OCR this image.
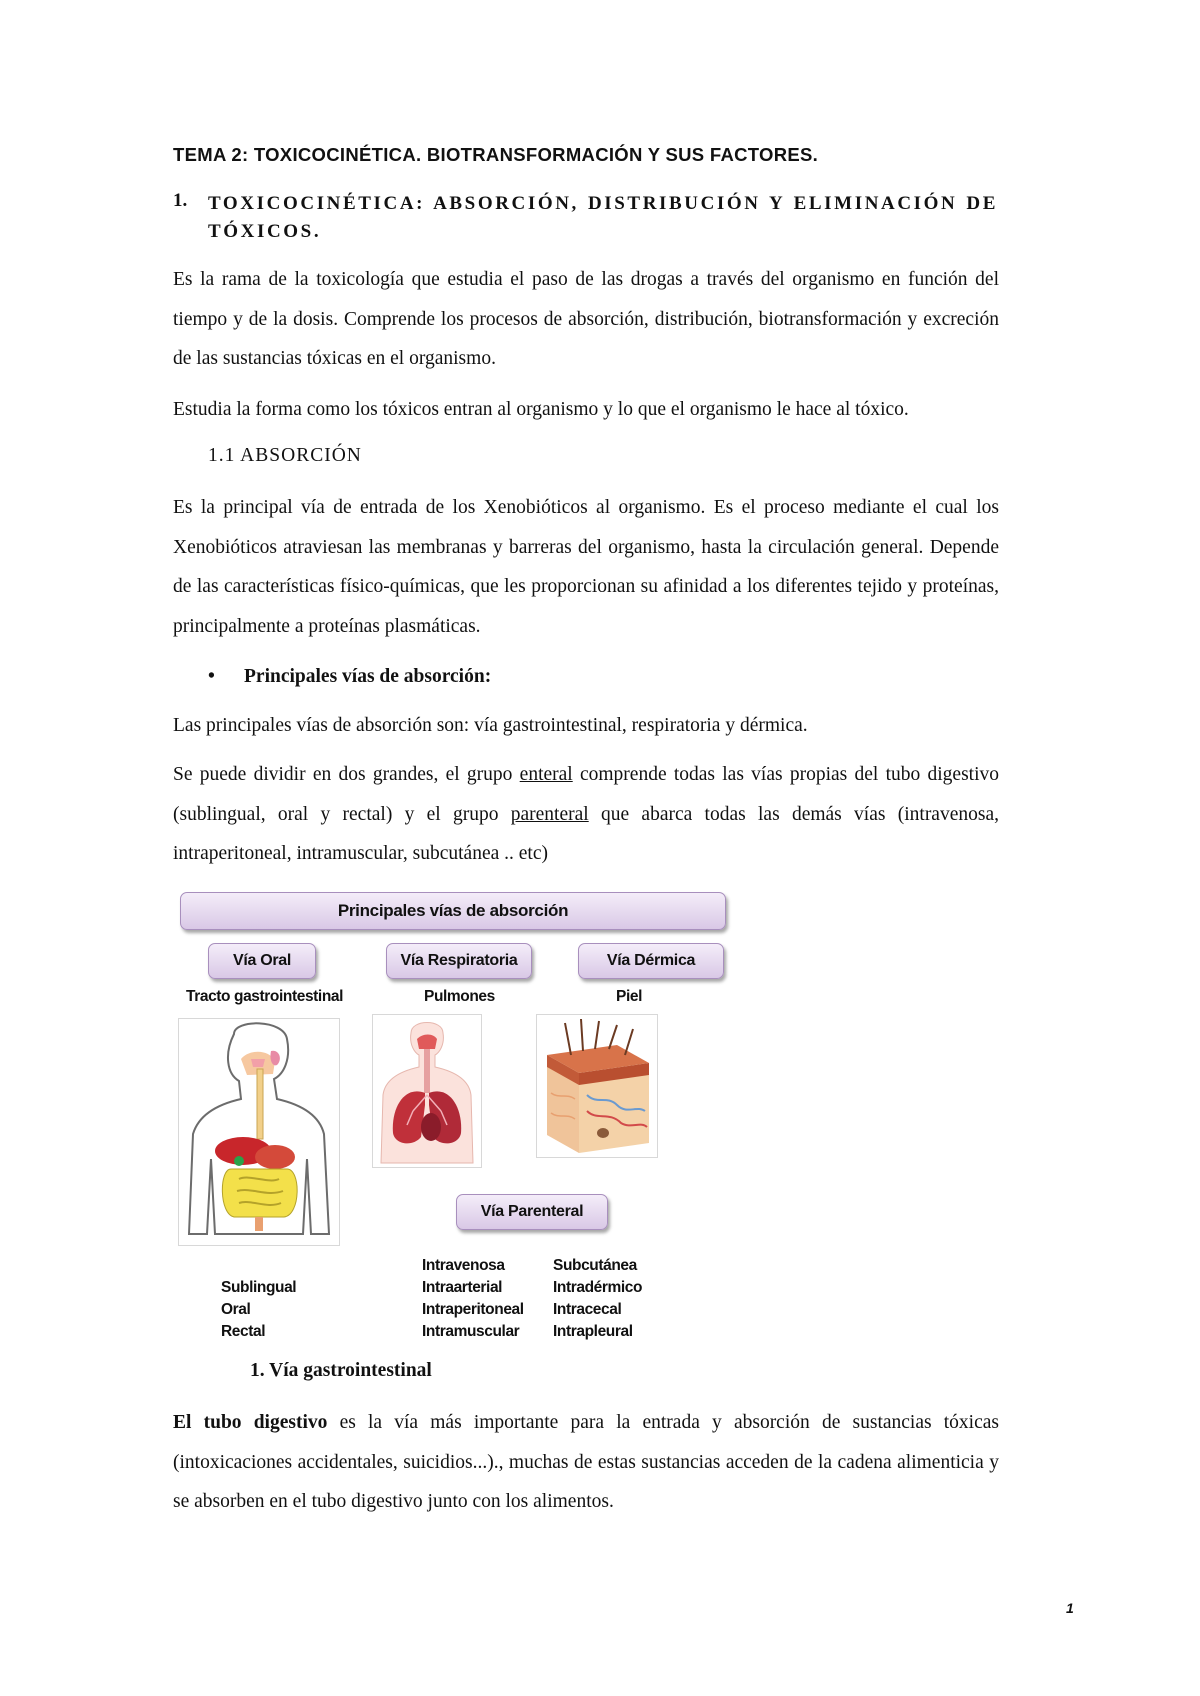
TEMA 2: TOXICOCINÉTICA. BIOTRANSFORMACIÓN Y SUS FACTORES.
1. TOXICOCINÉTICA: ABSORCIÓN, DISTRIBUCIÓN Y ELIMINACIÓN DE TÓXICOS.
Es la rama de la toxicología que estudia el paso de las drogas a través del organismo en función del tiempo y de la dosis. Comprende los procesos de absorción, distribución, biotransformación y excreción de las sustancias tóxicas en el organismo.
Estudia la forma como los tóxicos entran al organismo y lo que el organismo le hace al tóxico.
1.1 ABSORCIÓN
Es la principal vía de entrada de los Xenobióticos al organismo. Es el proceso mediante el cual los Xenobióticos atraviesan las membranas y barreras del organismo, hasta la circulación general. Depende de las características físico-químicas, que les proporcionan su afinidad a los diferentes tejido y proteínas, principalmente a proteínas plasmáticas.
• Principales vías de absorción:
Las principales vías de absorción son: vía gastrointestinal, respiratoria y dérmica.
Se puede dividir en dos grandes, el grupo enteral comprende todas las vías propias del tubo digestivo (sublingual, oral y rectal) y el grupo parenteral que abarca todas las demás vías (intravenosa, intraperitoneal, intramuscular, subcutánea .. etc)
Principales vías de absorción
Vía Oral	Vía Respiratoria	Vía Dérmica
Tracto gastrointestinal	Pulmones	Piel
Vía Parenteral
Sublingual
Oral
Rectal
Intravenosa
Intraarterial
Intraperitoneal
Intramuscular
Subcutánea
Intradérmico
Intracecal
Intrapleural
1. Vía gastrointestinal
El tubo digestivo es la vía más importante para la entrada y absorción de sustancias tóxicas (intoxicaciones accidentales, suicidios...)., muchas de estas sustancias acceden de la cadena alimenticia y se absorben en el tubo digestivo junto con los alimentos.
1
